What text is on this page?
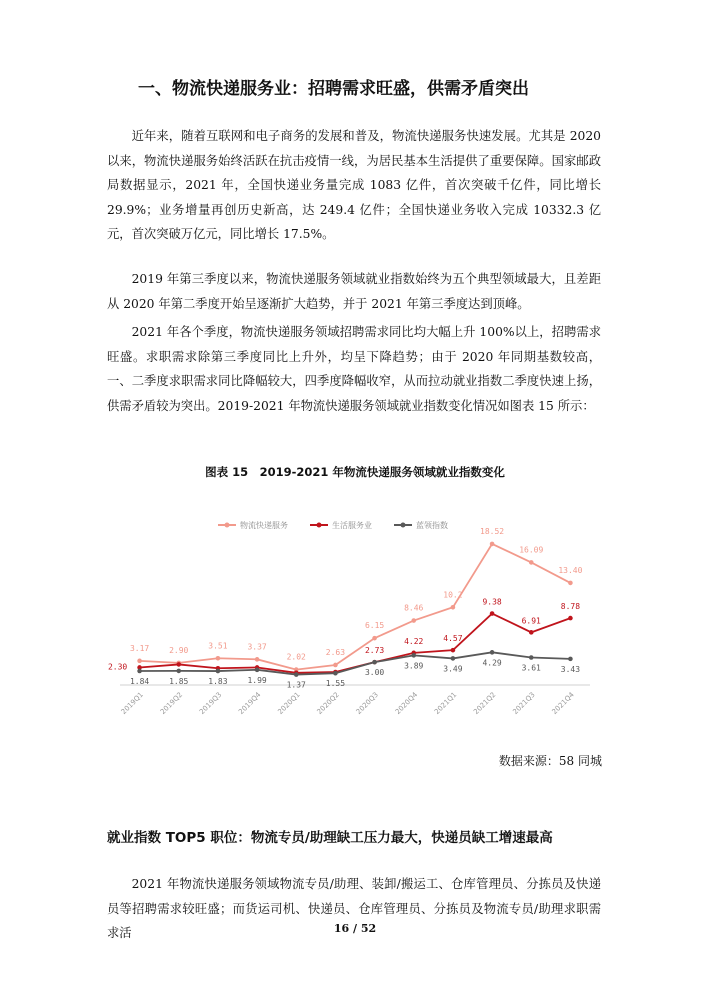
一、物流快递服务业：招聘需求旺盛，供需矛盾突出

近年来，随着互联网和电子商务的发展和普及，物流快递服务快速发展。尤其是 2020 以来，物流快递服务始终活跃在抗击疫情一线，为居民基本生活提供了重要保障。国家邮政局数据显示，2021 年，全国快递业务量完成 1083 亿件，首次突破千亿件，同比增长 29.9%；业务增量再创历史新高，达 249.4 亿件；全国快递业务收入完成 10332.3 亿元，首次突破万亿元，同比增长 17.5%。

2019 年第三季度以来，物流快递服务领域就业指数始终为五个典型领域最大，且差距从 2020 年第二季度开始呈逐渐扩大趋势，并于 2021 年第三季度达到顶峰。

2021 年各个季度，物流快递服务领域招聘需求同比均大幅上升 100%以上，招聘需求旺盛。求职需求除第三季度同比上升外，均呈下降趋势；由于 2020 年同期基数较高，一、二季度求职需求同比降幅较大，四季度降幅收窄，从而拉动就业指数二季度快速上扬，供需矛盾较为突出。2019-2021 年物流快递服务领域就业指数变化情况如图表 15 所示：

图表 15　2019-2021 年物流快递服务领域就业指数变化
2019Q1 2019Q2 2019Q3 2019Q4 2020Q1 2020Q2 2020Q3 2020Q4 2021Q1 2021Q2 2021Q3 2021Q4
物流快递服务	生活服务业	蓝领指数
3.17 2.90
3.51 3.37
2.02
2.63
6.15
8.46
10.2
18.52
16.09
13.40
2.30
2.73
4.22 4.57
9.38
6.91
8.78
1.84 1.85 1.83 1.99
1.37 1.55
3.00
3.89 3.49
4.29
3.61 3.43
数据来源：58 同城
就业指数 TOP5 职位：物流专员/助理缺工压力最大，快递员缺工增速最高

2021 年物流快递服务领域物流专员/助理、装卸/搬运工、仓库管理员、分拣员及快递员等招聘需求较旺盛；而货运司机、快递员、仓库管理员、分拣员及物流专员/助理求职需求活	16 / 52
